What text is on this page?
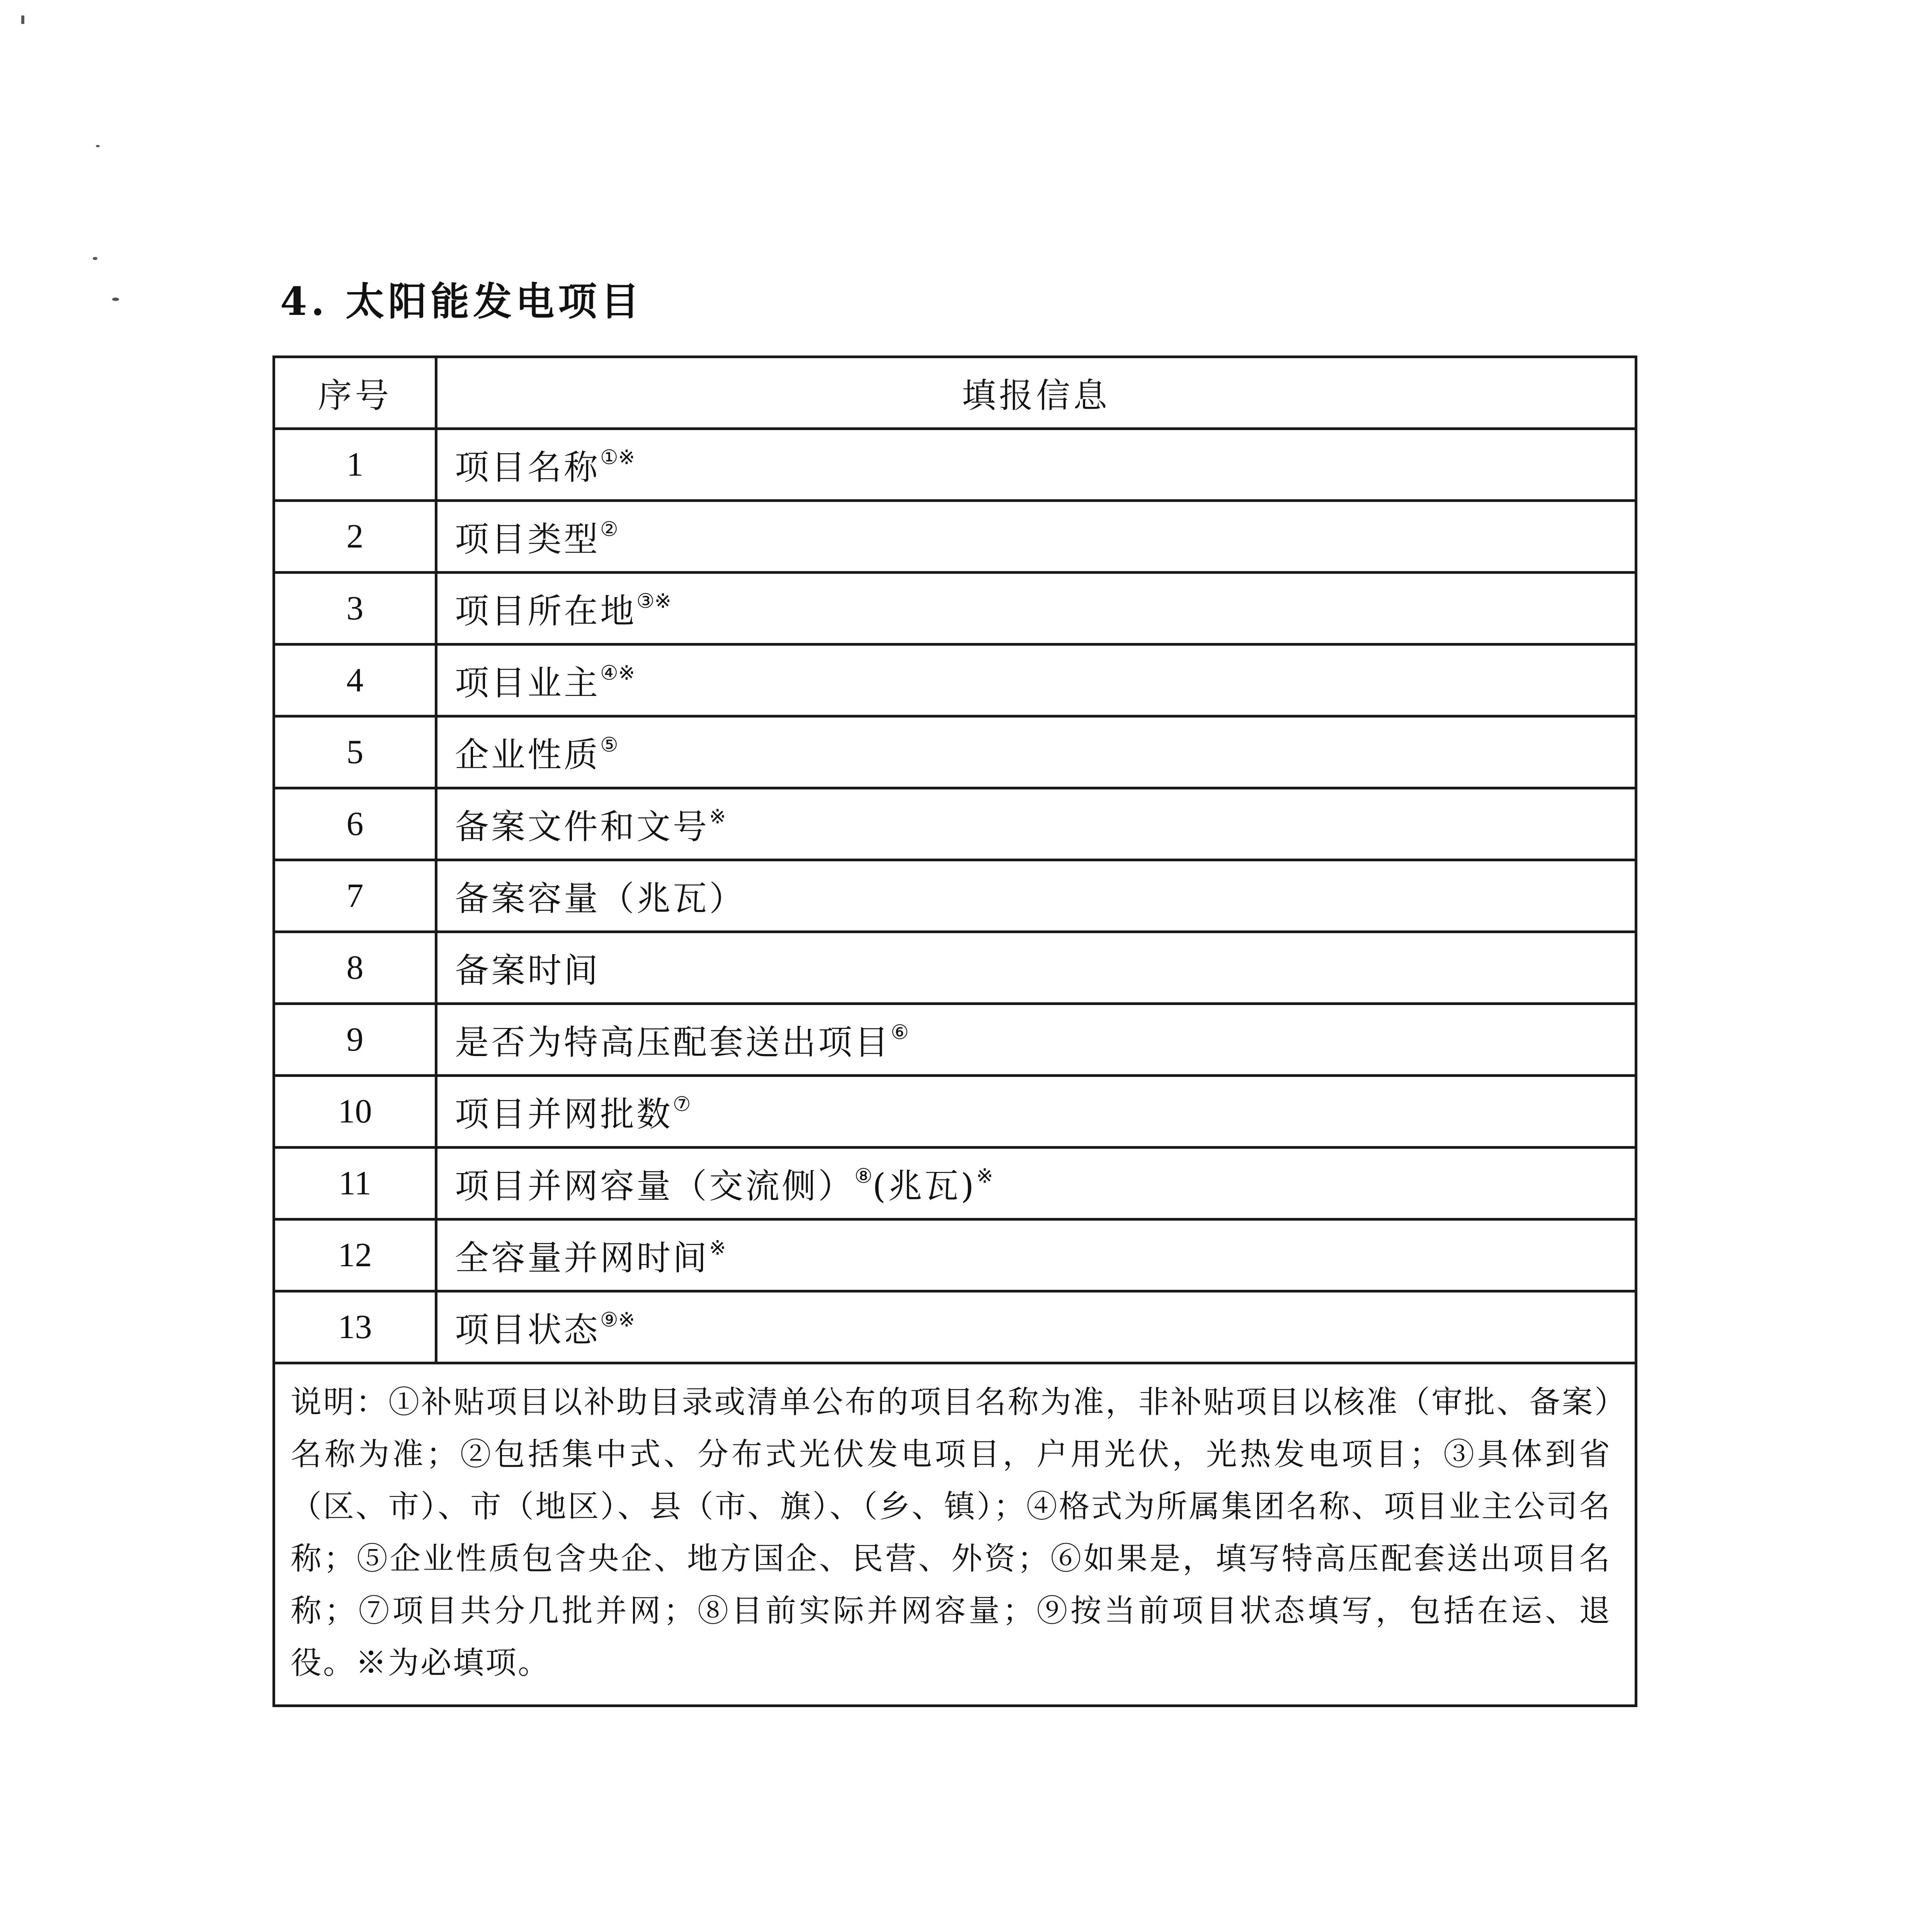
4. 太阳能发电项目
序号	填报信息
1	项目名称①※
2	项目类型②
3	项目所在地③※
4	项目业主④※
5	企业性质⑤
6	备案文件和文号※
7	备案容量（兆瓦）
8	备案时间
9	是否为特高压配套送出项目⑥
10	项目并网批数⑦
11	项目并网容量（交流侧）⑧(兆瓦)※
12	全容量并网时间※
13	项目状态⑨※
说明：①补贴项目以补助目录或清单公布的项目名称为准，非补贴项目以核准（审批、备案）名称为准；②包括集中式、分布式光伏发电项目，户用光伏，光热发电项目；③具体到省（区、市）、市（地区）、县（市、旗）、（乡、镇）；④格式为所属集团名称、项目业主公司名称；⑤企业性质包含央企、地方国企、民营、外资；⑥如果是，填写特高压配套送出项目名称；⑦项目共分几批并网；⑧目前实际并网容量；⑨按当前项目状态填写，包括在运、退役。※为必填项。	
